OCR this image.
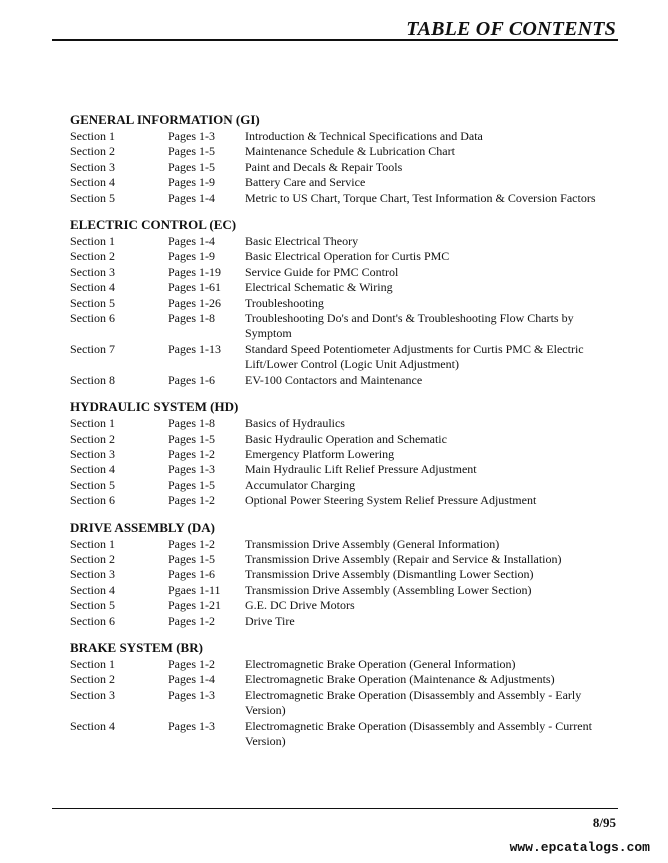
TABLE OF CONTENTS
GENERAL INFORMATION (GI)
Section 1	Pages 1-3	Introduction & Technical Specifications and Data
Section 2	Pages 1-5	Maintenance Schedule & Lubrication Chart
Section 3	Pages 1-5	Paint and Decals & Repair Tools
Section 4	Pages 1-9	Battery Care and Service
Section 5	Pages 1-4	Metric to US Chart, Torque Chart, Test Information & Coversion Factors
ELECTRIC CONTROL (EC)
Section 1	Pages 1-4	Basic Electrical Theory
Section 2	Pages 1-9	Basic Electrical Operation for Curtis PMC
Section 3	Pages 1-19	Service Guide for PMC Control
Section 4	Pages 1-61	Electrical Schematic & Wiring
Section 5	Pages 1-26	Troubleshooting
Section 6	Pages 1-8	Troubleshooting Do's and Dont's & Troubleshooting Flow Charts by Symptom
Section 7	Pages 1-13	Standard Speed Potentiometer Adjustments for Curtis PMC & Electric Lift/Lower Control (Logic Unit Adjustment)
Section 8	Pages 1-6	EV-100 Contactors and Maintenance
HYDRAULIC SYSTEM (HD)
Section 1	Pages 1-8	Basics of Hydraulics
Section 2	Pages 1-5	Basic Hydraulic Operation and Schematic
Section 3	Pages 1-2	Emergency Platform Lowering
Section 4	Pages 1-3	Main Hydraulic Lift Relief Pressure Adjustment
Section 5	Pages 1-5	Accumulator Charging
Section 6	Pages 1-2	Optional Power Steering System Relief Pressure Adjustment
DRIVE ASSEMBLY (DA)
Section 1	Pages 1-2	Transmission Drive Assembly (General Information)
Section 2	Pages 1-5	Transmission Drive Assembly (Repair and Service & Installation)
Section 3	Pages 1-6	Transmission Drive Assembly (Dismantling Lower Section)
Section 4	Pgaes 1-11	Transmission Drive Assembly (Assembling Lower Section)
Section 5	Pages 1-21	G.E. DC Drive Motors
Section 6	Pages 1-2	Drive Tire
BRAKE SYSTEM (BR)
Section 1	Pages 1-2	Electromagnetic Brake Operation (General Information)
Section 2	Pages 1-4	Electromagnetic Brake Operation (Maintenance & Adjustments)
Section 3	Pages 1-3	Electromagnetic Brake Operation (Disassembly and Assembly - Early Version)
Section 4	Pages 1-3	Electromagnetic Brake Operation (Disassembly and Assembly - Current Version)
8/95
www.epcatalogs.com
